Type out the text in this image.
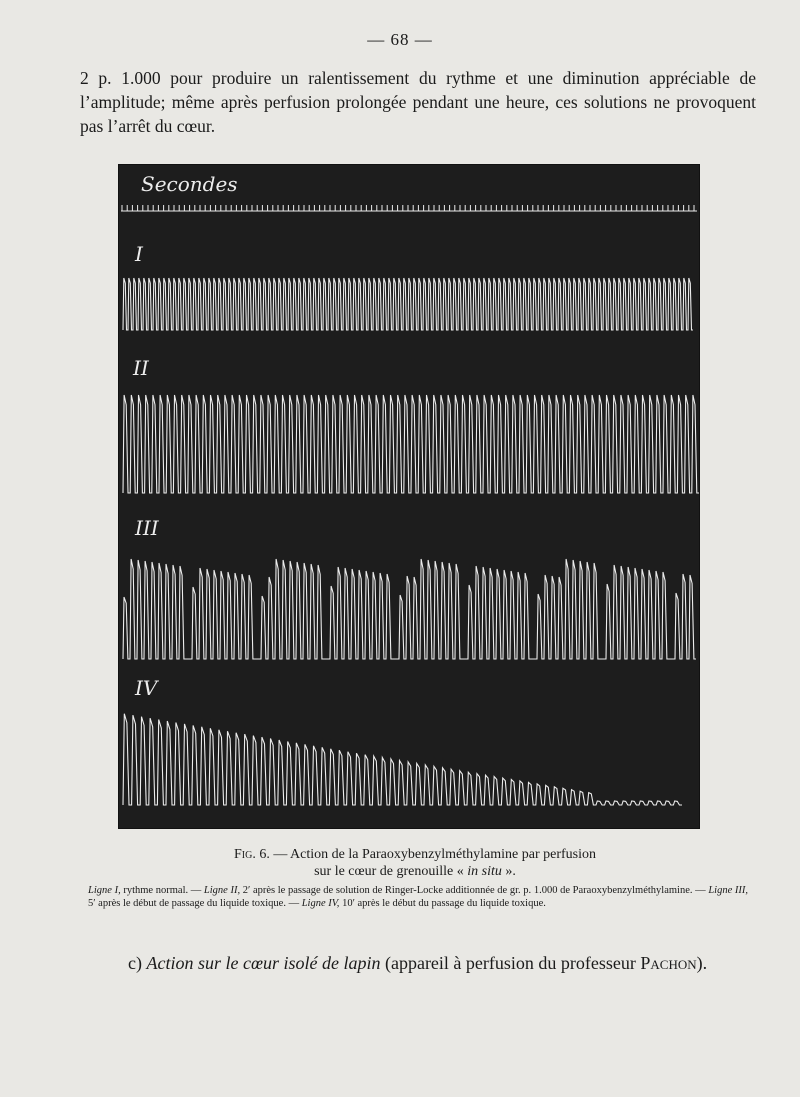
— 68 —

2 p. 1.000 pour produire un ralentissement du rythme et une diminution appréciable de l’amplitude; même après perfusion prolongée pendant une heure, ces solutions ne provoquent pas l’arrêt du cœur.

Secondes
I
II
III
IV
Fig. 6. — Action de la Paraoxybenzylméthylamine par perfusion
sur le cœur de grenouille « in situ ».
Ligne I, rythme normal. — Ligne II, 2′ après le passage de solution de Ringer-Locke additionnée de gr. p. 1.000 de Paraoxybenzylméthylamine. — Ligne III, 5′ après le début de passage du liquide toxique. — Ligne IV, 10′ après le début du passage du liquide toxique.
c) Action sur le cœur isolé de lapin (appareil à perfusion du professeur Pachon).
